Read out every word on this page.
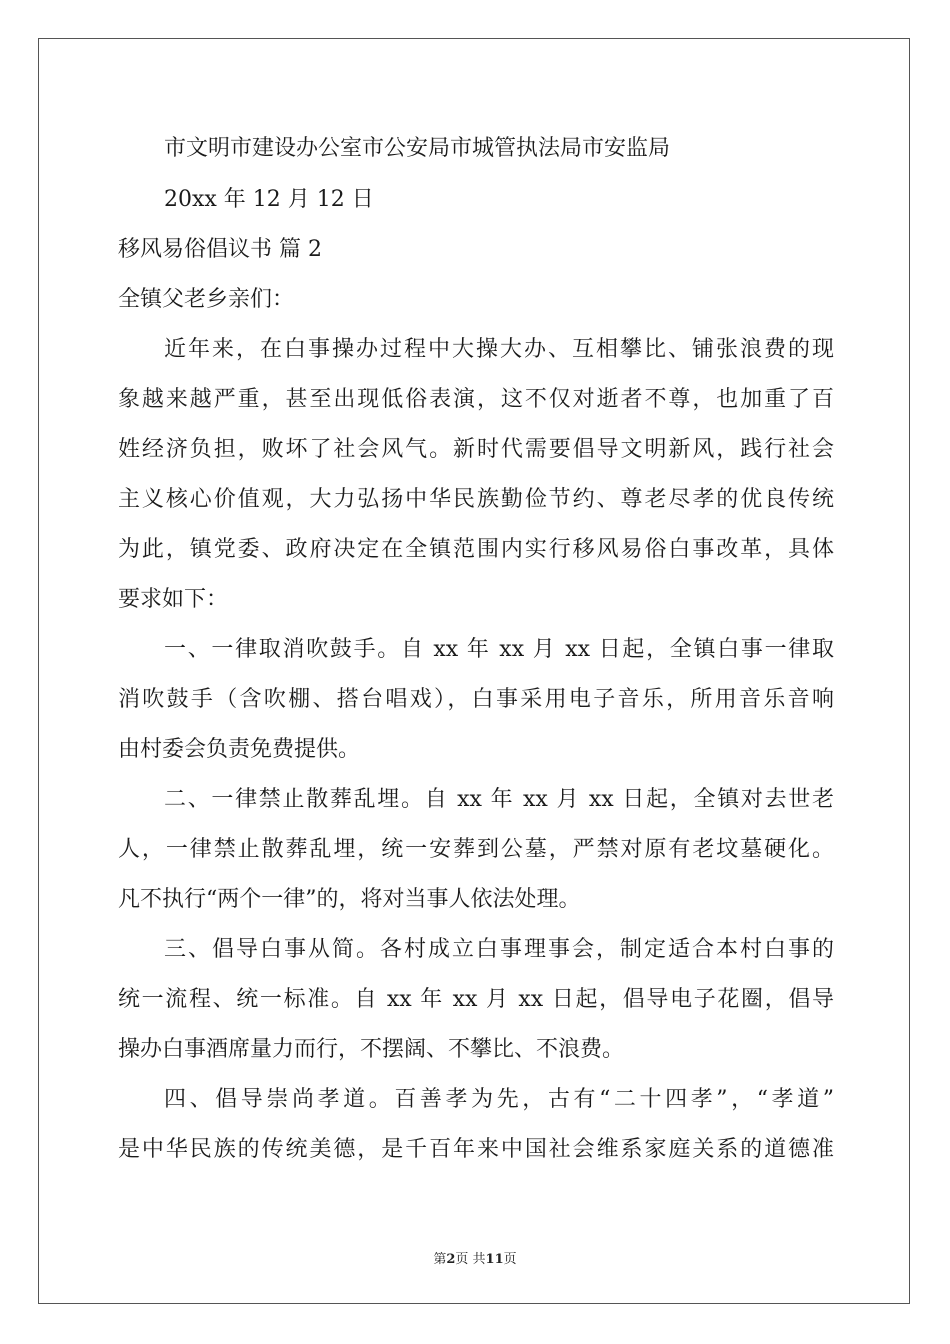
市文明市建设办公室市公安局市城管执法局市安监局
20xx 年 12 月 12 日
移风易俗倡议书 篇 2
全镇父老乡亲们：
近年来，在白事操办过程中大操大办、互相攀比、铺张浪费的现
象越来越严重，甚至出现低俗表演，这不仅对逝者不尊，也加重了百
姓经济负担，败坏了社会风气。新时代需要倡导文明新风，践行社会
主义核心价值观，大力弘扬中华民族勤俭节约、尊老尽孝的优良传统
为此，镇党委、政府决定在全镇范围内实行移风易俗白事改革，具体
要求如下：
一、一律取消吹鼓手。自 xx 年 xx 月 xx 日起，全镇白事一律取
消吹鼓手（含吹棚、搭台唱戏），白事采用电子音乐，所用音乐音响
由村委会负责免费提供。
二、一律禁止散葬乱埋。自 xx 年 xx 月 xx 日起，全镇对去世老
人，一律禁止散葬乱埋，统一安葬到公墓，严禁对原有老坟墓硬化。
凡不执行“两个一律”的，将对当事人依法处理。
三、倡导白事从简。各村成立白事理事会，制定适合本村白事的
统一流程、统一标准。自 xx 年 xx 月 xx 日起，倡导电子花圈，倡导
操办白事酒席量力而行，不摆阔、不攀比、不浪费。
四、倡导崇尚孝道。百善孝为先，古有“二十四孝”，“孝道”
是中华民族的传统美德，是千百年来中国社会维系家庭关系的道德准
第2页 共11页
